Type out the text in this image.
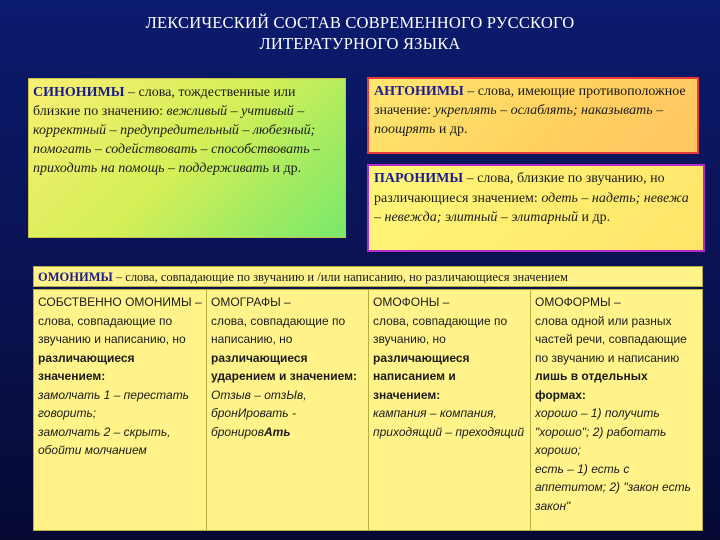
ЛЕКСИЧЕСКИЙ СОСТАВ СОВРЕМЕННОГО РУССКОГО
ЛИТЕРАТУРНОГО ЯЗЫКА
СИНОНИМЫ – слова, тождественные или близкие по значению: вежливый – учтивый – корректный – предупредительный – любезный; помогать – содействовать – способствовать – приходить на помощь – поддерживать и др.
АНТОНИМЫ – слова, имеющие противоположное значение: укреплять – ослаблять; наказывать – поощрять и др.
ПАРОНИМЫ – слова, близкие по звучанию, но различающиеся значением: одеть – надеть; невежа – невежда; элитный – элитарный и др.
ОМОНИМЫ – слова, совпадающие по звучанию и /или написанию, но различающиеся значением
СОБСТВЕННО ОМОНИМЫ –
слова, совпадающие по звучанию и написанию, но различающиеся значением:
замолчать 1 – перестать говорить;
замолчать 2 – скрыть, обойти молчанием
ОМОГРАФЫ –
слова, совпадающие по написанию, но различающиеся ударением и значением:
Отзыв – отзЫв, бронИровать - бронировАть
ОМОФОНЫ –
слова, совпадающие по звучанию, но различающиеся написанием и значением:
кампания – компания, приходящий – преходящий
ОМОФОРМЫ –
слова одной или разных частей речи, совпадающие по звучанию и написанию лишь в отдельных формах:
хорошо – 1) получить "хорошо"; 2) работать хорошо;
есть – 1) есть с аппетитом; 2) "закон есть закон"
